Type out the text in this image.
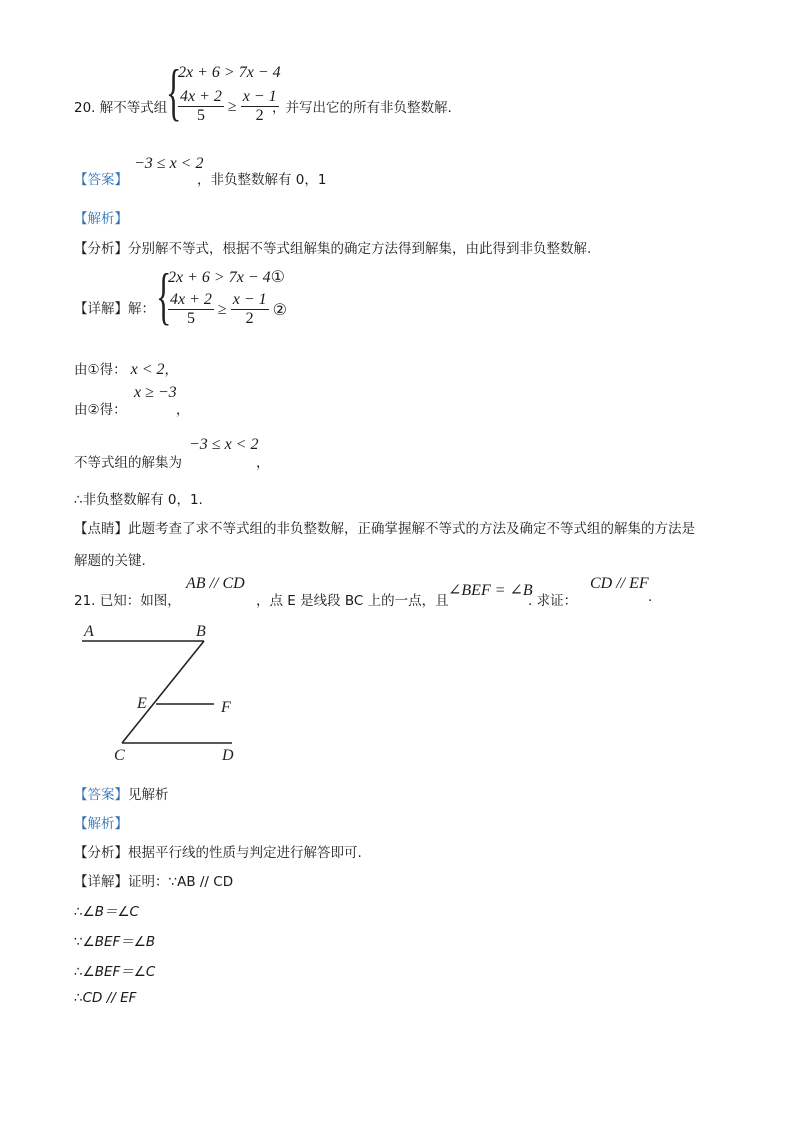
20. 解不等式组
{
2x + 6 > 7x − 4
$\frac{4x + 2}{5} \ge \frac{x - 1}{2}$
，并写出它的所有非负整数解.
【答案】
−3 ≤ x < 2
，非负整数解有 0，1
【解析】
【分析】分别解不等式，根据不等式组解集的确定方法得到解集，由此得到非负整数解.
【详解】解： {
2x + 6 > 7x − 4①
$\frac{4x + 2}{5} \ge \frac{x - 1}{2}$ ②
由①得： x < 2，
由②得：
x ≥ −3
，
不等式组的解集为
−3 ≤ x < 2
，
∴非负整数解有 0，1.
【点睛】此题考查了求不等式组的非负整数解，正确掌握解不等式的方法及确定不等式组的解集的方法是
解题的关键.
21. 已知：如图，
AB // CD
，点 E 是线段 BC 上的一点，且
∠BEF = ∠B
. 求证：
CD // EF
.
A	B
E	F
C	D
【答案】见解析
【解析】
【分析】根据平行线的性质与判定进行解答即可.
【详解】证明：∵AB // CD
∴∠B＝∠C
∵∠BEF＝∠B
∴∠BEF＝∠C
∴CD // EF
